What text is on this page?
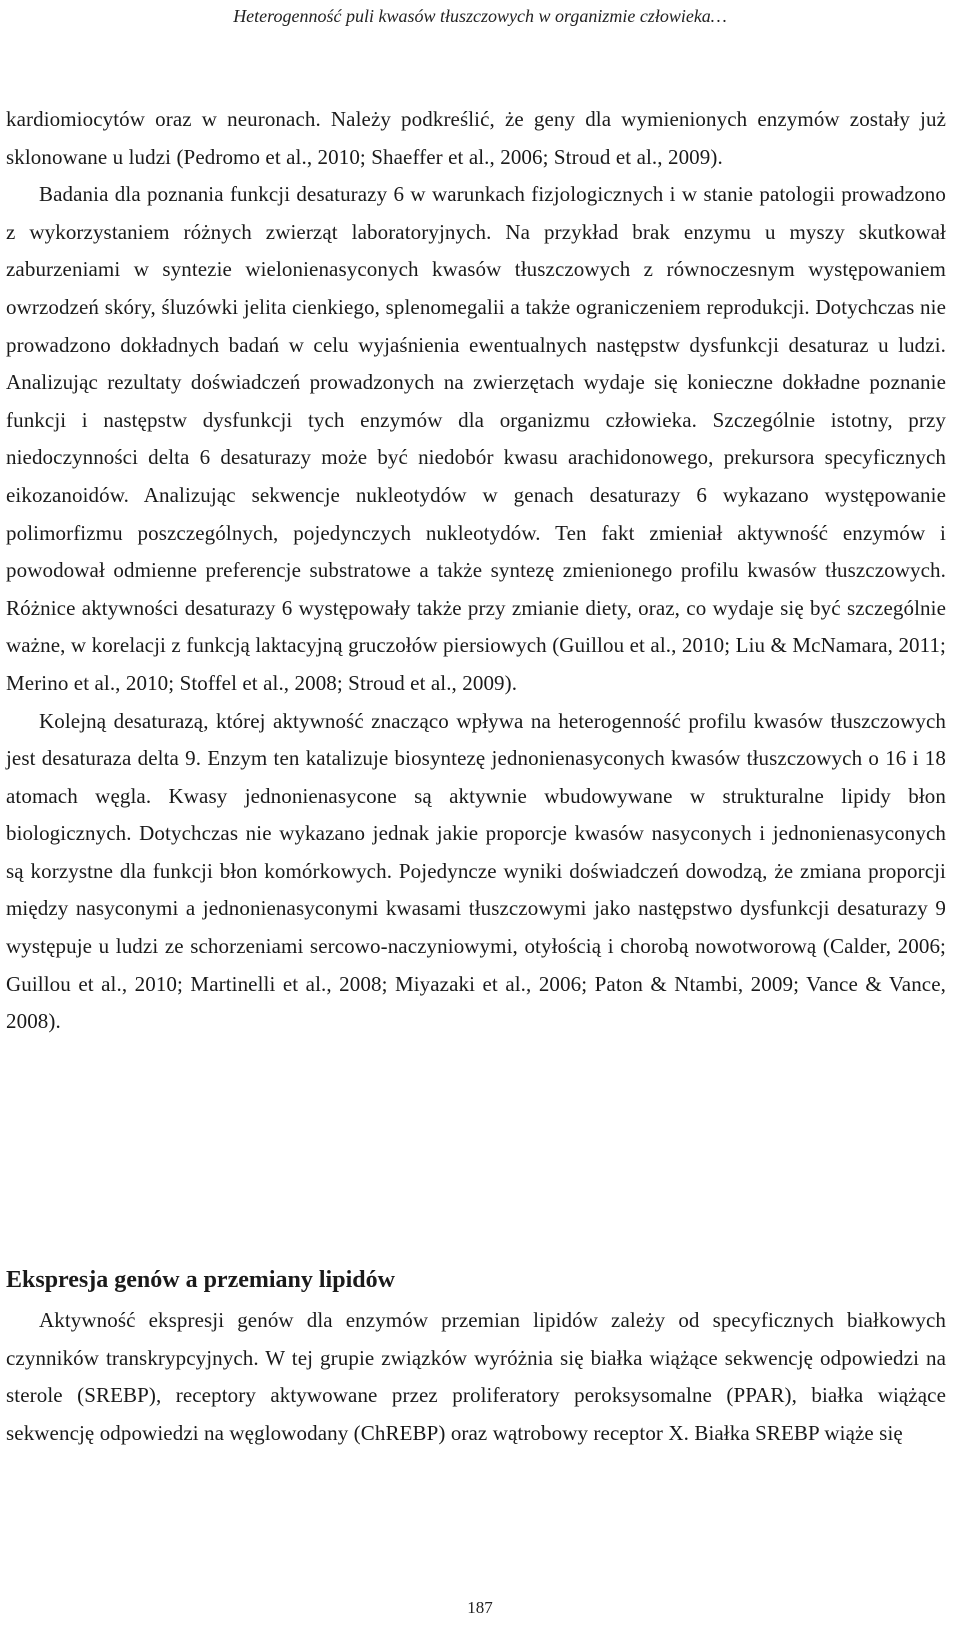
Heterogenność puli kwasów tłuszczowych w organizmie człowieka…

kardiomiocytów oraz w neuronach. Należy podkreślić, że geny dla wymienionych enzymów zostały już sklonowane u ludzi (Pedromo et al., 2010; Shaeffer et al., 2006; Stroud et al., 2009).

Badania dla poznania funkcji desaturazy 6 w warunkach fizjologicznych i w stanie patologii prowadzono z wykorzystaniem różnych zwierząt laboratoryjnych. Na przykład brak enzymu u myszy skutkował zaburzeniami w syntezie wielonienasyconych kwasów tłuszczowych z równoczesnym występowaniem owrzodzeń skóry, śluzówki jelita cienkiego, splenomegalii a także ograniczeniem reprodukcji. Dotychczas nie prowadzono dokładnych badań w celu wyjaśnienia ewentualnych następstw dysfunkcji desaturaz u ludzi. Analizując rezultaty doświadczeń prowadzonych na zwierzętach wydaje się konieczne dokładne poznanie funkcji i następstw dysfunkcji tych enzymów dla organizmu człowieka. Szczególnie istotny, przy niedoczynności delta 6 desaturazy może być niedobór kwasu arachidonowego, prekursora specyficznych eikozanoidów. Analizując sekwencje nukleotydów w genach desaturazy 6 wykazano występowanie polimorfizmu poszczególnych, pojedynczych nukleotydów. Ten fakt zmieniał aktywność enzymów i powodował odmienne preferencje substratowe a także syntezę zmienionego profilu kwasów tłuszczowych. Różnice aktywności desaturazy 6 występowały także przy zmianie diety, oraz, co wydaje się być szczególnie ważne, w korelacji z funkcją laktacyjną gruczołów piersiowych (Guillou et al., 2010; Liu & McNamara, 2011; Merino et al., 2010; Stoffel et al., 2008; Stroud et al., 2009).

Kolejną desaturazą, której aktywność znacząco wpływa na heterogenność profilu kwasów tłuszczowych jest desaturaza delta 9. Enzym ten katalizuje biosyntezę jednonienasyconych kwasów tłuszczowych o 16 i 18 atomach węgla. Kwasy jednonienasycone są aktywnie wbudowywane w strukturalne lipidy błon biologicznych. Dotychczas nie wykazano jednak jakie proporcje kwasów nasyconych i jednonienasyconych są korzystne dla funkcji błon komórkowych. Pojedyncze wyniki doświadczeń dowodzą, że zmiana proporcji między nasyconymi a jednonienasyconymi kwasami tłuszczowymi jako następstwo dysfunkcji desaturazy 9 występuje u ludzi ze schorzeniami sercowo-naczyniowymi, otyłością i chorobą nowotworową (Calder, 2006; Guillou et al., 2010; Martinelli et al., 2008; Miyazaki et al., 2006; Paton & Ntambi, 2009; Vance & Vance, 2008).

Ekspresja genów a przemiany lipidów

Aktywność ekspresji genów dla enzymów przemian lipidów zależy od specyficznych białkowych czynników transkrypcyjnych. W tej grupie związków wyróżnia się białka wiążące sekwencję odpowiedzi na sterole (SREBP), receptory aktywowane przez proliferatory peroksysomalne (PPAR), białka wiążące sekwencję odpowiedzi na węglowodany (ChREBP) oraz wątrobowy receptor X. Białka SREBP wiąże się

187
